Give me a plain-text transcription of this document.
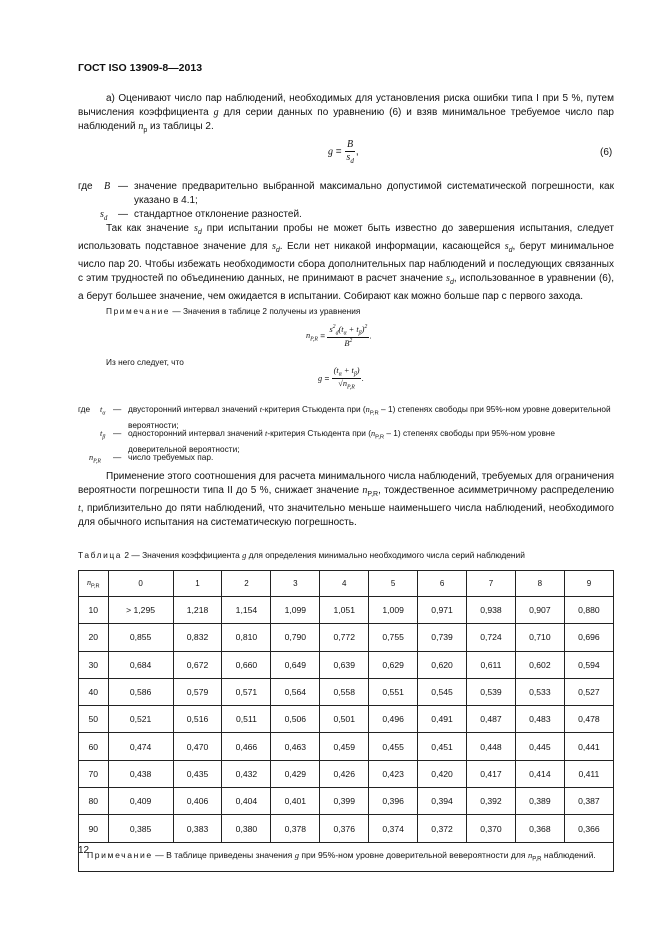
ГОСТ ISO 13909-8—2013
а) Оценивают число пар наблюдений, необходимых для установления риска ошибки типа I при 5 %, путем вычисления коэффициента g для серии данных по уравнению (6) и взяв минимальное требуемое число пар наблюдений $n_p$ из таблицы 2.
$g = \frac{B}{s_d}$ ,	(6)
где B — значение предварительно выбранной максимально допустимой систематической погрешности, как указано в 4.1;
$s_d$ — стандартное отклонение разностей.
Так как значение $s_d$ при испытании пробы не может быть известно до завершения испытания, следует использовать подставное значение для $s_d$. Если нет никакой информации, касающейся $s_d$, берут минимальное число пар 20. Чтобы избежать необходимости сбора дополнительных пар наблюдений и последующих связанных с этим трудностей по объединению данных, не принимают в расчет значение $s_d$, использованное в уравнении (6), а берут большее значение, чем ожидается в испытании. Собирают как можно больше пар с первого захода.
Примечание — Значения в таблице 2 получены из уравнения
$n_{P,R} = \frac{s^2_d(t_\alpha + t_\beta)^2}{B^2}$ .
Из него следует, что
$g = \frac{(t_\alpha + t_\beta)}{√n_{P,R}}$ .
где $t_\alpha$ — двусторонний интервал значений t-критерия Стьюдента при $(n_{P,R} - 1)$ степенях свободы при 95%-ном уровне доверительной вероятности;
$t_\beta$ — односторонний интервал значений t-критерия Стьюдента при $(n_{P,R} - 1)$ степенях свободы при 95%-ном уровне доверительной вероятности;
$n_{P,R}$ — число требуемых пар.
Применение этого соотношения для расчета минимального числа наблюдений, требуемых для ограничения вероятности погрешности типа II до 5 %, снижает значение $n_{P,R}$, тождественное асимметричному распределению t, приблизительно до пяти наблюдений, что значительно меньше наименьшего числа наблюдений, необходимого для обычного испытания на систематическую погрешность.
Таблица 2 — Значения коэффициента g для определения минимально необходимого числа серий наблюдений
$n_{P,R}$	0	1	2	3	4	5	6	7	8	9
10	> 1,295	1,218	1,154	1,099	1,051	1,009	0,971	0,938	0,907	0,880
20	0,855	0,832	0,810	0,790	0,772	0,755	0,739	0,724	0,710	0,696
30	0,684	0,672	0,660	0,649	0,639	0,629	0,620	0,611	0,602	0,594
40	0,586	0,579	0,571	0,564	0,558	0,551	0,545	0,539	0,533	0,527
50	0,521	0,516	0,511	0,506	0,501	0,496	0,491	0,487	0,483	0,478
60	0,474	0,470	0,466	0,463	0,459	0,455	0,451	0,448	0,445	0,441
70	0,438	0,435	0,432	0,429	0,426	0,423	0,420	0,417	0,414	0,411
80	0,409	0,406	0,404	0,401	0,399	0,396	0,394	0,392	0,389	0,387
90	0,385	0,383	0,380	0,378	0,376	0,374	0,372	0,370	0,368	0,366
Примечание — В таблице приведены значения g при 95%-ном уровне доверительной вевероятности для $n_{P,R}$ наблюдений.										
12
